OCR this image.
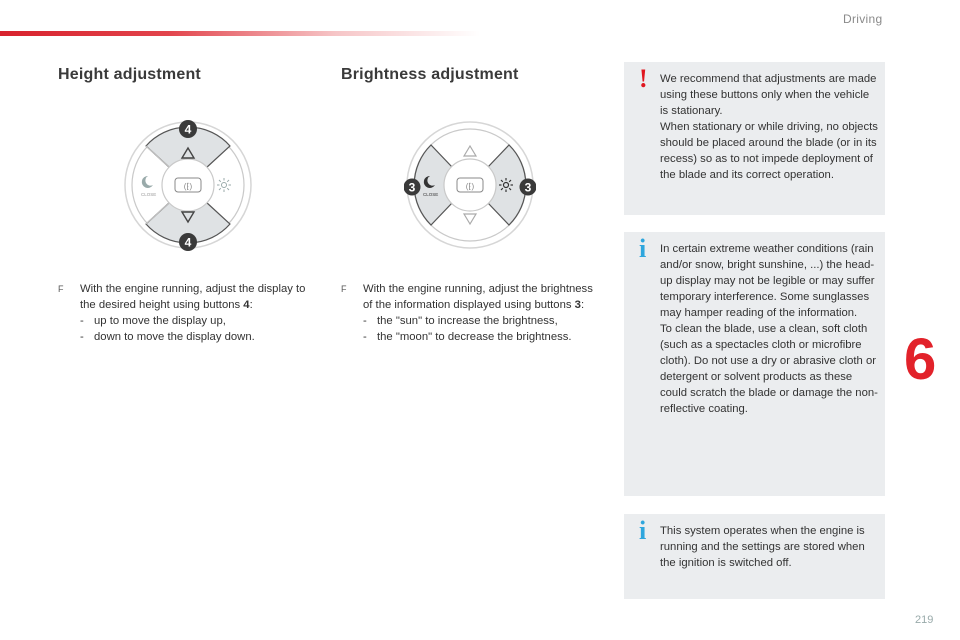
Driving
Height adjustment	Brightness adjustment
(⁅)
CLOSE
4
4
(⁅)
CLOSE
3	3
F With the engine running, adjust the display to the desired height using buttons 4:
- up to move the display up,
- down to move the display down.
F With the engine running, adjust the brightness of the information displayed using buttons 3:
- the "sun" to increase the brightness,
- the "moon" to decrease the brightness.
! We recommend that adjustments are made using these buttons only when the vehicle is stationary.
When stationary or while driving, no objects should be placed around the blade (or in its recess) so as to not impede deployment of the blade and its correct operation.
i In certain extreme weather conditions (rain and/or snow, bright sunshine, ...) the head-up display may not be legible or may suffer temporary interference. Some sunglasses may hamper reading of the information.
To clean the blade, use a clean, soft cloth (such as a spectacles cloth or microfibre cloth). Do not use a dry or abrasive cloth or detergent or solvent products as these could scratch the blade or damage the non-reflective coating.
i This system operates when the engine is running and the settings are stored when the ignition is switched off.
6
219
